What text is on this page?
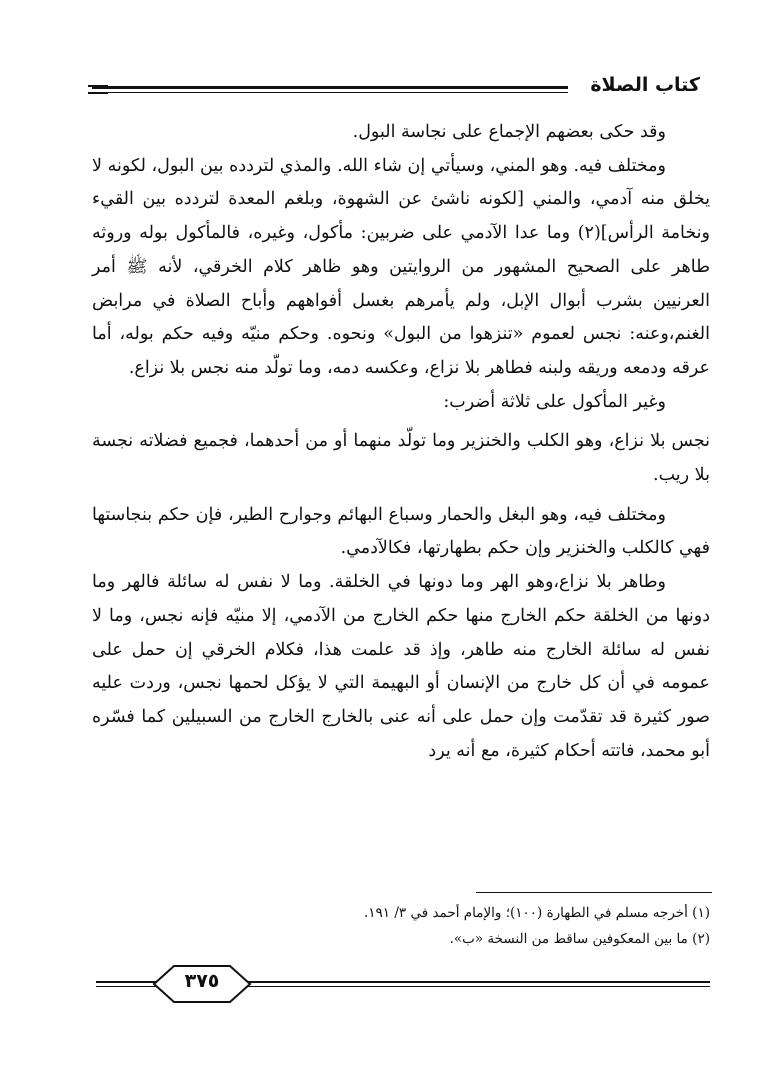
كتاب الصلاة

وقد حكى بعضهم الإجماع على نجاسة البول.

ومختلف فيه. وهو المني، وسيأتي إن شاء الله. والمذي لتردده بين البول، لكونه لا يخلق منه آدمي، والمني [لكونه ناشئ عن الشهوة، وبلغم المعدة لتردده بين القيء ونخامة الرأس](٢) وما عدا الآدمي على ضربين: مأكول، وغيره، فالمأكول بوله وروثه طاهر على الصحيح المشهور من الروايتين وهو ظاهر كلام الخرقي، لأنه ﷺ أمر العرنيين بشرب أبوال الإبل، ولم يأمرهم بغسل أفواههم وأباح الصلاة في مرابض الغنم،وعنه: نجس لعموم «تنزهوا من البول» ونحوه. وحكم منيّه وفيه حكم بوله، أما عرقه ودمعه وريقه ولبنه فطاهر بلا نزاع، وعكسه دمه، وما تولّد منه نجس بلا نزاع.

وغير المأكول على ثلاثة أضرب:

نجس بلا نزاع، وهو الكلب والخنزير وما تولّد منهما أو من أحدهما، فجميع فضلاته نجسة بلا ريب.

ومختلف فيه، وهو البغل والحمار وسباع البهائم وجوارح الطير، فإن حكم بنجاستها فهي كالكلب والخنزير وإن حكم بطهارتها، فكالآدمي.

وطاهر بلا نزاع،وهو الهر وما دونها في الخلقة. وما لا نفس له سائلة فالهر وما دونها من الخلقة حكم الخارج منها حكم الخارج من الآدمي، إلا منيّه فإنه نجس، وما لا نفس له سائلة الخارج منه طاهر، وإذ قد علمت هذا، فكلام الخرقي إن حمل على عمومه في أن كل خارج من الإنسان أو البهيمة التي لا يؤكل لحمها نجس، وردت عليه صور كثيرة قد تقدّمت وإن حمل على أنه عنى بالخارج الخارج من السبيلين كما فسّره أبو محمد، فاتته أحكام كثيرة، مع أنه يرد

(١) أخرجه مسلم في الطهارة (١٠٠)؛ والإمام أحمد في ٣/ ١٩١.

(٢) ما بين المعكوفين ساقط من النسخة «ب».

٣٧٥
